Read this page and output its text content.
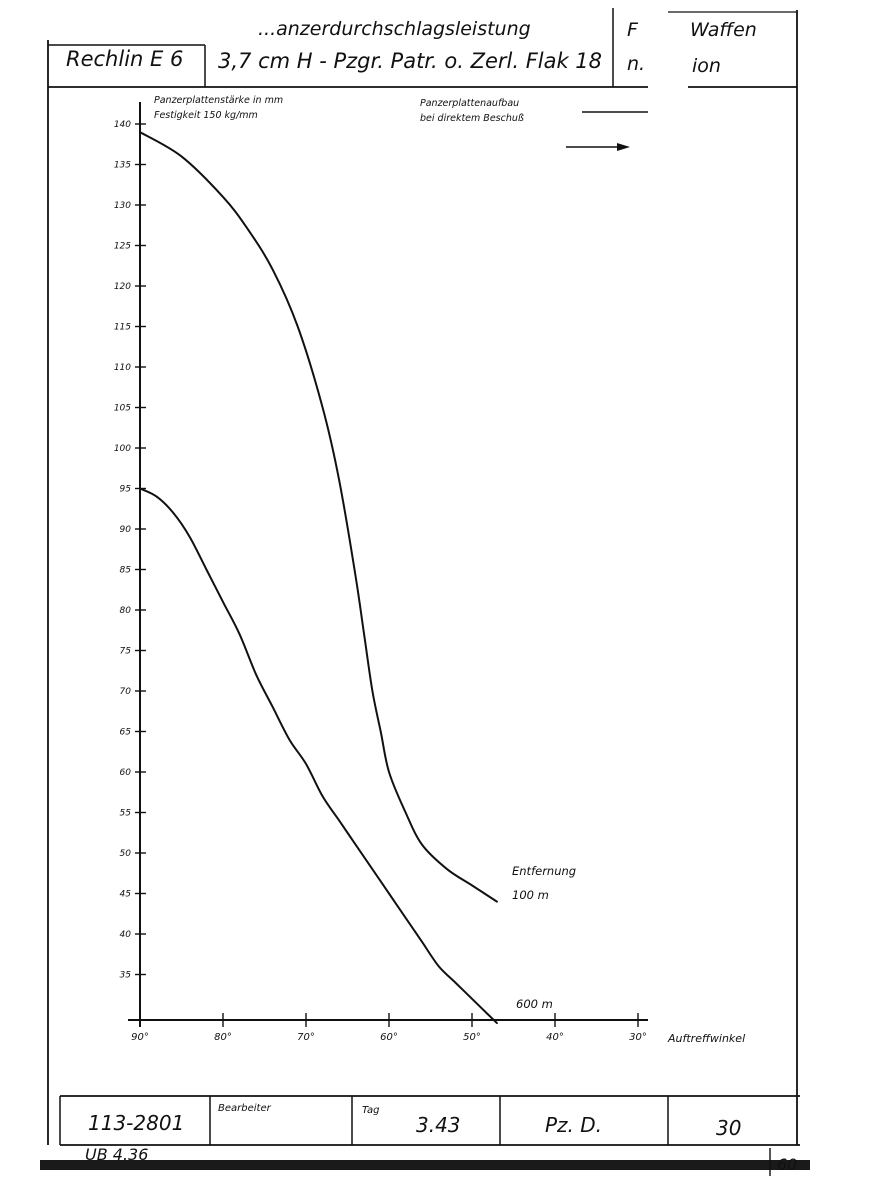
Rechlin E 6
...anzerdurchschlagsleistung
3,7 cm H - Pzgr. Patr. o. Zerl. Flak 18
F
n.
Waffen
ion
Panzerplattenstärke in mm
Festigkeit 150 kg/mm
Panzerplattenaufbau
bei direktem Beschuß
Entfernung
Auftreffwinkel
140
135
130
125
120
115
110
105
100
95
90
85
80
75
70
65
60
55
50
45
40
35
90°	80°	70°	60°	50°	40°	30°
100 m
600 m
113-2801
Bearbeiter	Tag
3.43	Pz. D.	30
UB 4.36
60
